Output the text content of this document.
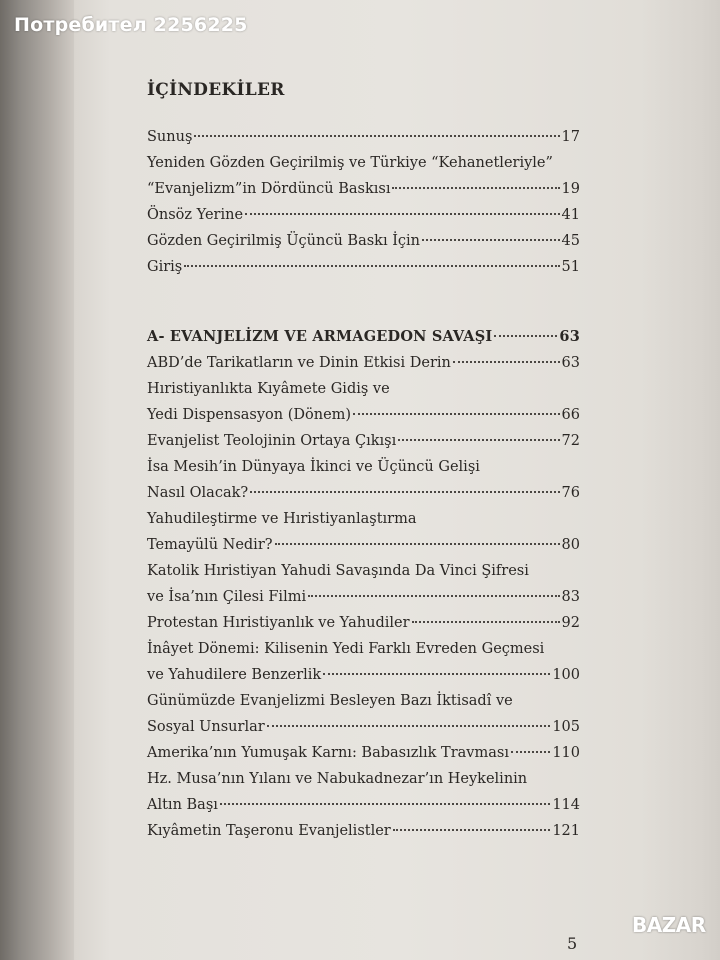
Потребител 2256225
İÇİNDEKİLER
Sunuş	17
Yeniden Gözden Geçirilmiş ve Türkiye “Kehanetleriyle”
“Evanjelizm”in Dördüncü Baskısı	19
Önsöz Yerine	41
Gözden Geçirilmiş Üçüncü Baskı İçin	45
Giriş	51
A- EVANJELİZM VE ARMAGEDON SAVAŞI	63
ABD’de Tarikatların ve Dinin Etkisi Derin	63
Hıristiyanlıkta Kıyâmete Gidiş ve
Yedi Dispensasyon (Dönem)	66
Evanjelist Teolojinin Ortaya Çıkışı	72
İsa Mesih’in Dünyaya İkinci ve Üçüncü Gelişi
Nasıl Olacak?	76
Yahudileştirme ve Hıristiyanlaştırma
Temayülü Nedir?	80
Katolik Hıristiyan Yahudi Savaşında Da Vinci Şifresi
ve İsa’nın Çilesi Filmi	83
Protestan Hıristiyanlık ve Yahudiler	92
İnâyet Dönemi: Kilisenin Yedi Farklı Evreden Geçmesi
ve Yahudilere Benzerlik	100
Günümüzde Evanjelizmi Besleyen Bazı İktisadî ve
Sosyal Unsurlar	105
Amerika’nın Yumuşak Karnı: Babasızlık Travması	110
Hz. Musa’nın Yılanı ve Nabukadnezar’ın Heykelinin
Altın Başı	114
Kıyâmetin Taşeronu Evanjelistler	121
5
BAZAR
